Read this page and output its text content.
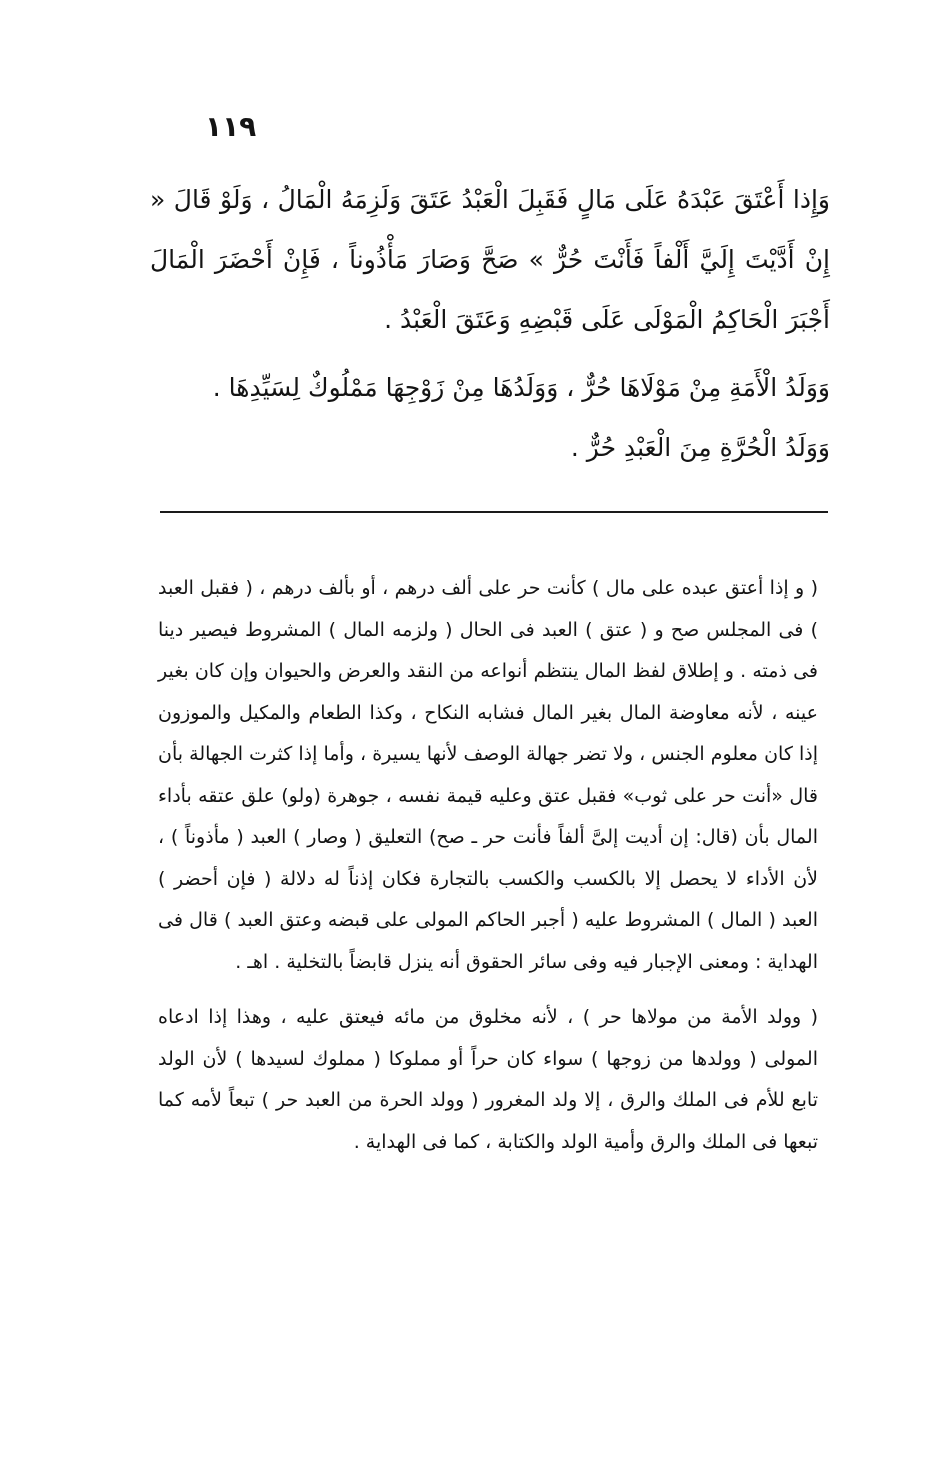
١١٩

وَإِذا أَعْتَقَ عَبْدَهُ عَلَى مَالٍ فَقَبِلَ الْعَبْدُ عَتَقَ وَلَزِمَهُ الْمَالُ ، وَلَوْ قَالَ « إِنْ أَدَّيْتَ إِلَيَّ أَلْفاً فَأَنْتَ حُرٌّ » صَحَّ وَصَارَ مَأْذُوناً ، فَإِنْ أَحْضَرَ الْمَالَ أَجْبَرَ الْحَاكِمُ الْمَوْلَى عَلَى قَبْضِهِ وَعَتَقَ الْعَبْدُ .

وَوَلَدُ الْأَمَةِ مِنْ مَوْلَاهَا حُرٌّ ، وَوَلَدُهَا مِنْ زَوْجِهَا مَمْلُوكٌ لِسَيِّدِهَا .

وَوَلَدُ الْحُرَّةِ مِنَ الْعَبْدِ حُرٌّ .

( و إذا أعتق عبده على مال ) كأنت حر على ألف درهم ، أو بألف درهم ، ( فقبل العبد ) فى المجلس صح و ( عتق ) العبد فى الحال ( ولزمه المال ) المشروط فيصير دينا فى ذمته . و إطلاق لفظ المال ينتظم أنواعه من النقد والعرض والحيوان وإن كان بغير عينه ، لأنه معاوضة المال بغير المال فشابه النكاح ، وكذا الطعام والمكيل والموزون إذا كان معلوم الجنس ، ولا تضر جهالة الوصف لأنها يسيرة ، وأما إذا كثرت الجهالة بأن قال «أنت حر على ثوب» فقبل عتق وعليه قيمة نفسه ، جوهرة (ولو) علق عتقه بأداء المال بأن (قال: إن أديت إلىَّ ألفاً فأنت حر ـ صح) التعليق ( وصار ) العبد ( مأذوناً ) ، لأن الأداء لا يحصل إلا بالكسب والكسب بالتجارة فكان إذناً له دلالة ( فإن أحضر ) العبد ( المال ) المشروط عليه ( أجبر الحاكم المولى على قبضه وعتق العبد ) قال فى الهداية : ومعنى الإجبار فيه وفى سائر الحقوق أنه ينزل قابضاً بالتخلية . اهـ .

( وولد الأمة من مولاها حر ) ، لأنه مخلوق من مائه فيعتق عليه ، وهذا إذا ادعاه المولى ( وولدها من زوجها ) سواء كان حراً أو مملوكا ( مملوك لسيدها ) لأن الولد تابع للأم فى الملك والرق ، إلا ولد المغرور ( وولد الحرة من العبد حر ) تبعاً لأمه كما تبعها فى الملك والرق وأمية الولد والكتابة ، كما فى الهداية .
